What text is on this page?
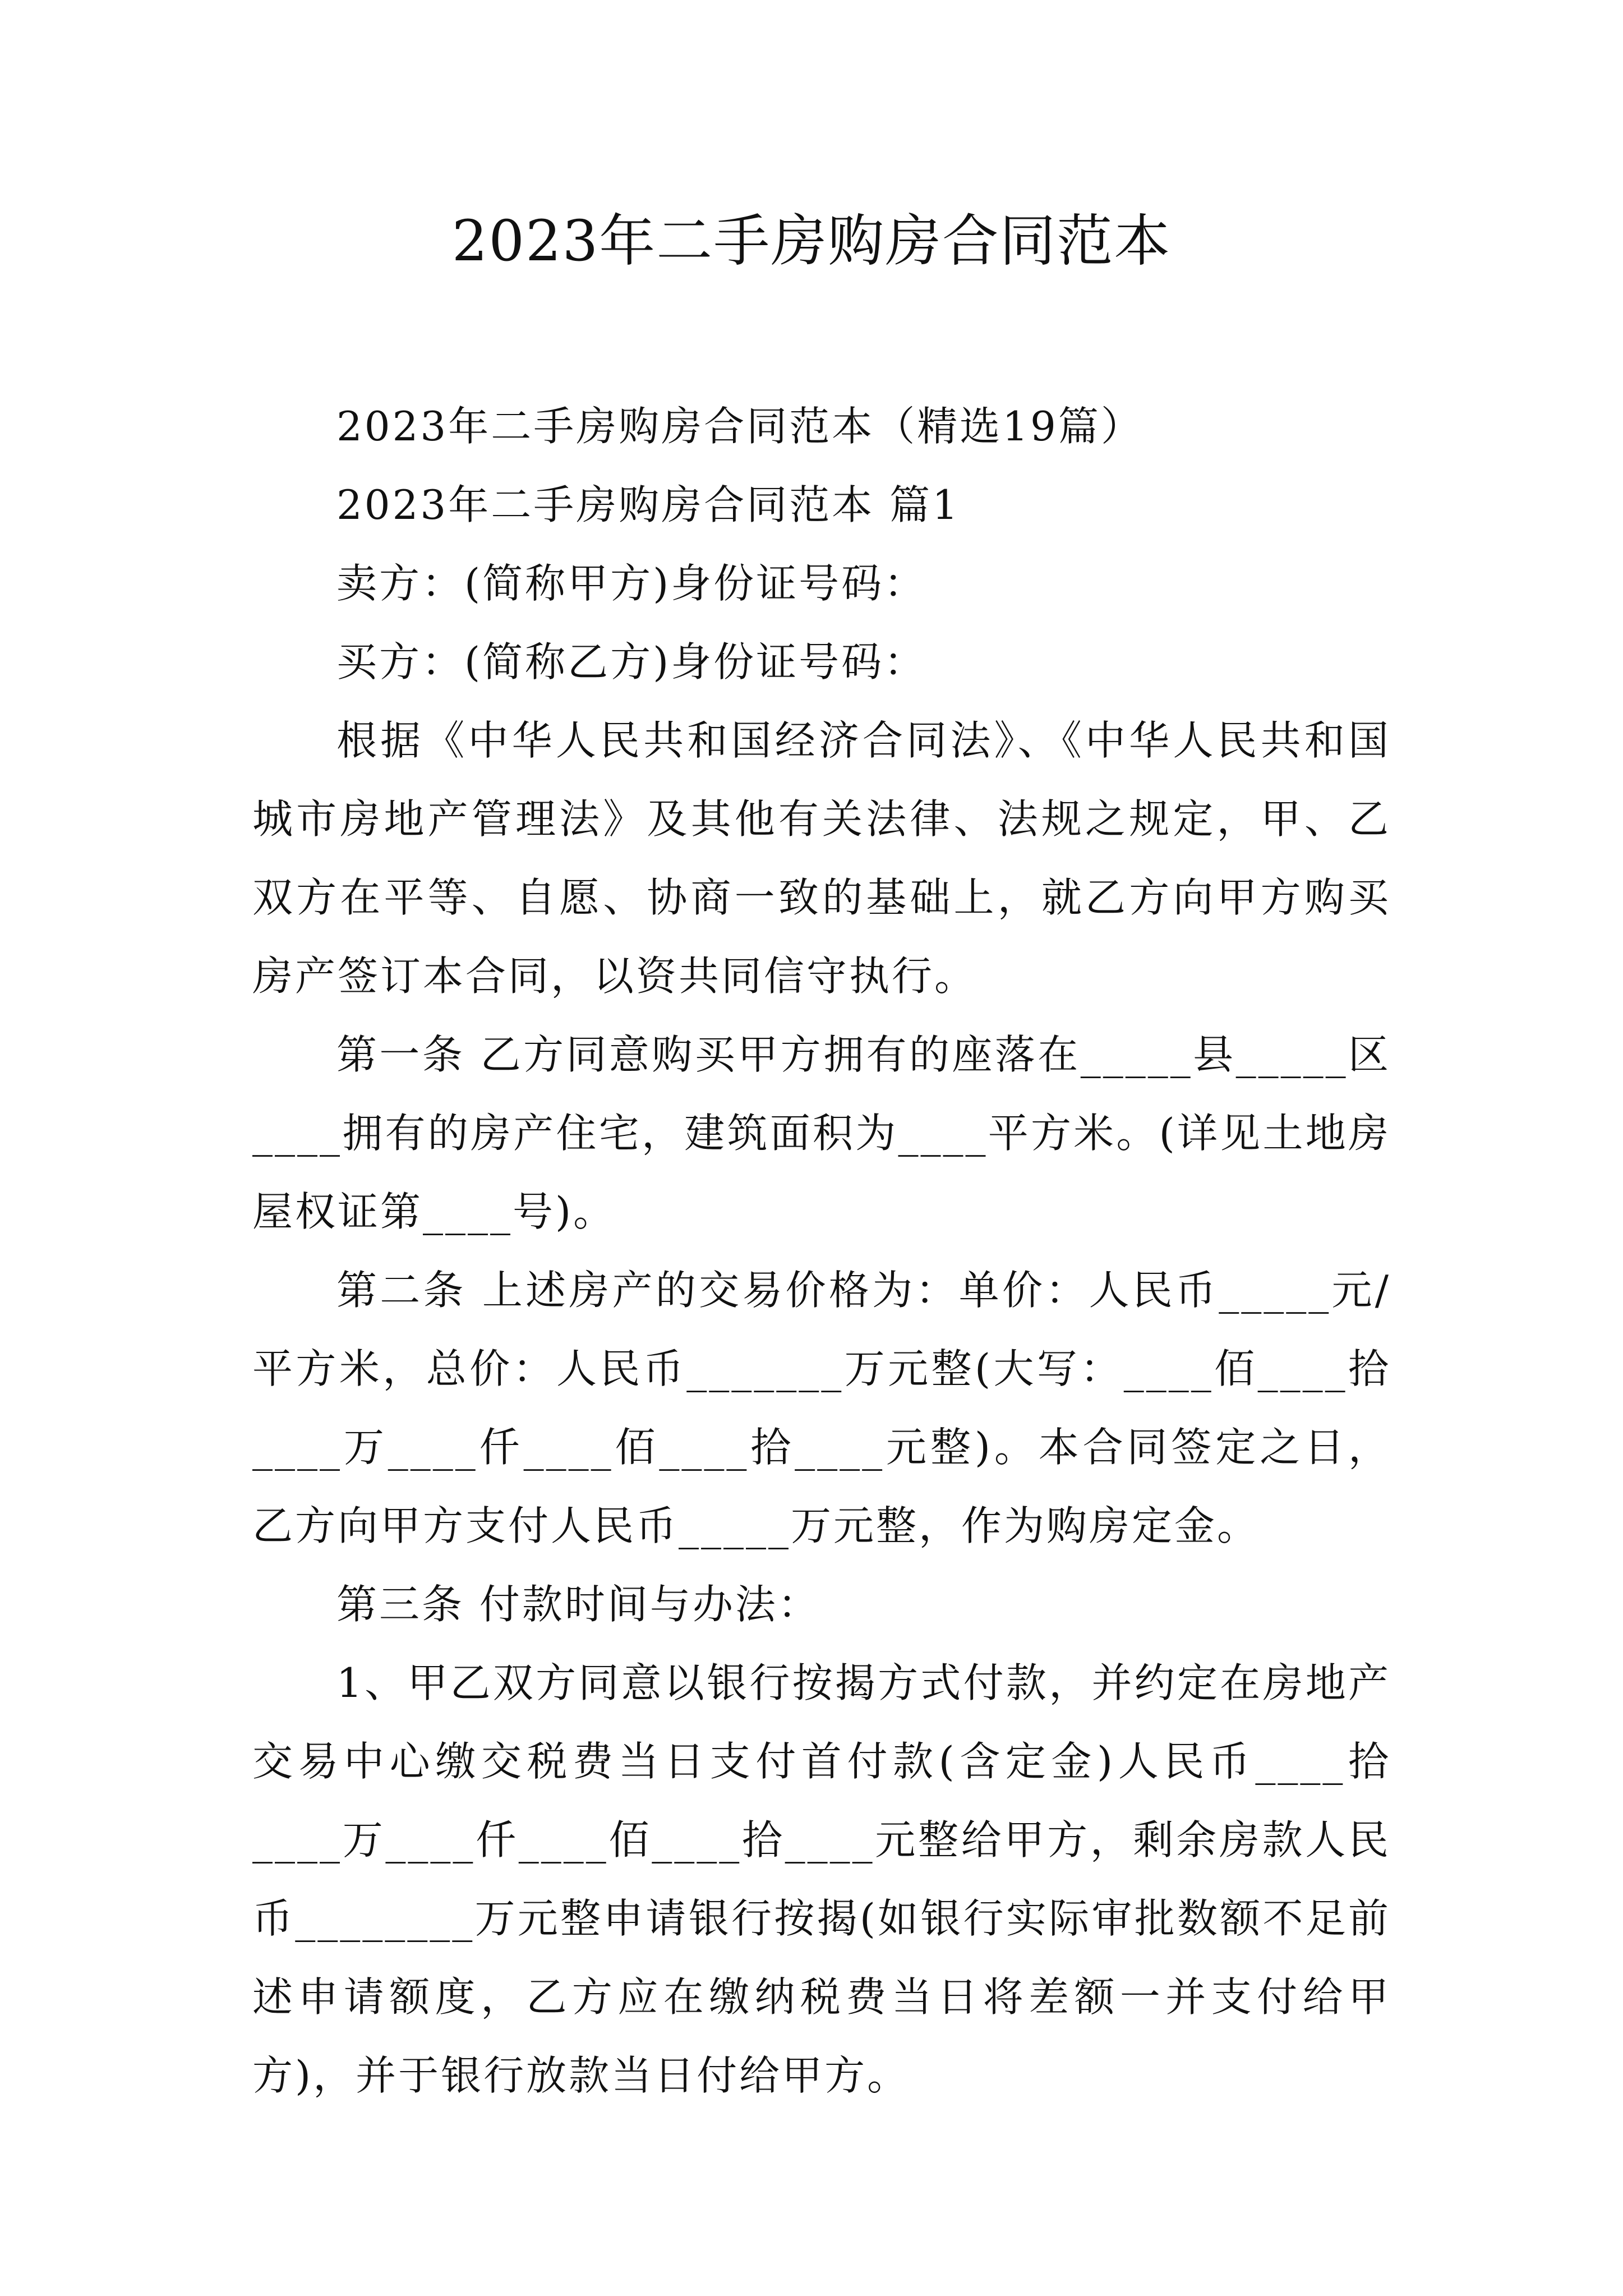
2023年二手房购房合同范本

2023年二手房购房合同范本（精选19篇）

2023年二手房购房合同范本 篇1

卖方：(简称甲方)身份证号码：

买方：(简称乙方)身份证号码：

根据《中华人民共和国经济合同法》、《中华人民共和国城市房地产管理法》及其他有关法律、法规之规定，甲、乙双方在平等、自愿、协商一致的基础上，就乙方向甲方购买房产签订本合同，以资共同信守执行。

第一条 乙方同意购买甲方拥有的座落在_____县_____区____拥有的房产住宅，建筑面积为____平方米。(详见土地房屋权证第____号)。

第二条 上述房产的交易价格为：单价：人民币_____元/平方米，总价：人民币_______万元整(大写：____佰____拾____万____仟____佰____拾____元整)。本合同签定之日，乙方向甲方支付人民币_____万元整，作为购房定金。

第三条 付款时间与办法：

1、甲乙双方同意以银行按揭方式付款，并约定在房地产交易中心缴交税费当日支付首付款(含定金)人民币____拾____万____仟____佰____拾____元整给甲方，剩余房款人民币________万元整申请银行按揭(如银行实际审批数额不足前述申请额度，乙方应在缴纳税费当日将差额一并支付给甲方)，并于银行放款当日付给甲方。
